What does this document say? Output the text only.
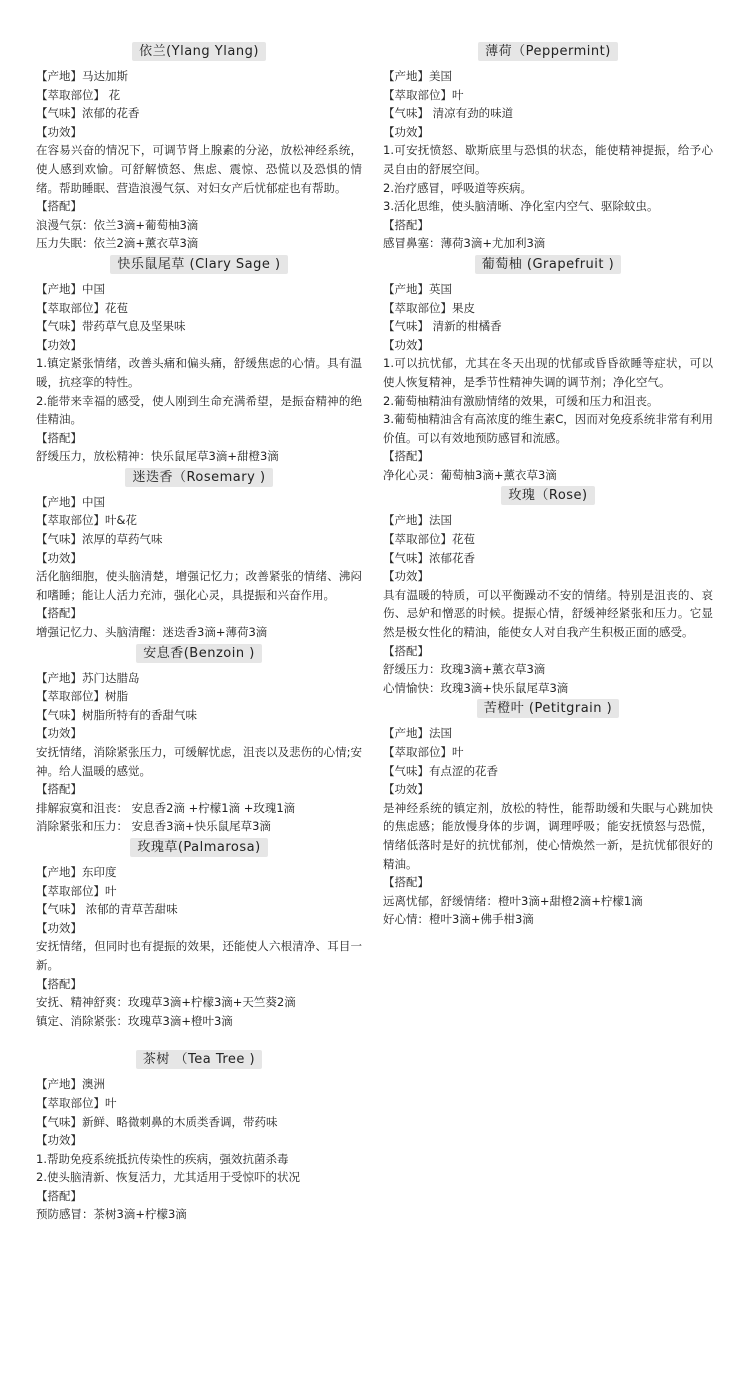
依兰(Ylang Ylang)
【产地】马达加斯
【萃取部位】 花
【气味】浓郁的花香
【功效】
在容易兴奋的情况下，可调节肾上腺素的分泌，放松神经系统，使人感到欢愉。可舒解愤怒、焦虑、震惊、恐慌以及恐惧的情绪。帮助睡眠、营造浪漫气氛、对妇女产后忧郁症也有帮助。
【搭配】
浪漫气氛：依兰3滴+葡萄柚3滴
压力失眠：依兰2滴+薰衣草3滴
快乐鼠尾草 (Clary Sage )
【产地】中国
【萃取部位】花苞
【气味】带药草气息及坚果味
【功效】
1.镇定紧张情绪，改善头痛和偏头痛，舒缓焦虑的心情。具有温暖，抗痉挛的特性。
2.能带来幸福的感受，使人刚到生命充满希望，是振奋精神的绝佳精油。
【搭配】
舒缓压力，放松精神：快乐鼠尾草3滴+甜橙3滴
迷迭香（Rosemary )
【产地】中国
【萃取部位】叶&花
【气味】浓厚的草药气味
【功效】
活化脑细胞，使头脑清楚，增强记忆力；改善紧张的情绪、沸闷和嗜睡；能让人活力充沛，强化心灵，具提振和兴奋作用。
【搭配】
增强记忆力、头脑清醒：迷迭香3滴+薄荷3滴
安息香(Benzoin )
【产地】苏门达腊岛
【萃取部位】树脂
【气味】树脂所特有的香甜气味
【功效】
安抚情绪，消除紧张压力，可缓解忧虑，沮丧以及悲伤的心情;安神。给人温暖的感觉。
【搭配】
排解寂寞和沮丧： 安息香2滴 +柠檬1滴 +玫瑰1滴
消除紧张和压力： 安息香3滴+快乐鼠尾草3滴
玫瑰草(Palmarosa)
【产地】东印度
【萃取部位】叶
【气味】 浓郁的青草苦甜味
【功效】
安抚情绪，但同时也有提振的效果，还能使人六根清净、耳目一新。
【搭配】
安抚、精神舒爽：玫瑰草3滴+柠檬3滴+天竺葵2滴
镇定、消除紧张：玫瑰草3滴+橙叶3滴
茶树 （Tea Tree )
【产地】澳洲
【萃取部位】叶
【气味】新鲜、略微刺鼻的木质类香调，带药味
【功效】
1.帮助免疫系统抵抗传染性的疾病，强效抗菌杀毒
2.使头脑清新、恢复活力，尤其适用于受惊吓的状况
【搭配】
预防感冒：茶树3滴+柠檬3滴
薄荷（Peppermint)
【产地】美国
【萃取部位】叶
【气味】 清凉有劲的味道
【功效】
1.可安抚愤怒、歇斯底里与恐惧的状态，能使精神提振，给予心灵自由的舒展空间。
2.治疗感冒，呼吸道等疾病。
3.活化思维，使头脑清晰、净化室内空气、驱除蚊虫。
【搭配】
感冒鼻塞：薄荷3滴+尤加利3滴
葡萄柚 (Grapefruit )
【产地】英国
【萃取部位】果皮
【气味】 清新的柑橘香
【功效】
1.可以抗忧郁，尤其在冬天出现的忧郁或昏昏欲睡等症状，可以使人恢复精神，是季节性精神失调的调节剂；净化空气。
2.葡萄柚精油有激励情绪的效果，可缓和压力和沮丧。
3.葡萄柚精油含有高浓度的维生素C，因而对免疫系统非常有利用价值。可以有效地预防感冒和流感。
【搭配】
净化心灵：葡萄柚3滴+薰衣草3滴
玫瑰（Rose)
【产地】法国
【萃取部位】花苞
【气味】浓郁花香
【功效】
具有温暖的特质，可以平衡躁动不安的情绪。特别是沮丧的、哀伤、忌妒和憎恶的时候。提振心情，舒缓神经紧张和压力。它显然是极女性化的精油，能使女人对自我产生积极正面的感受。
【搭配】
舒缓压力：玫瑰3滴+薰衣草3滴
心情愉快：玫瑰3滴+快乐鼠尾草3滴
苦橙叶 (Petitgrain )
【产地】法国
【萃取部位】叶
【气味】有点涩的花香
【功效】
是神经系统的镇定剂，放松的特性，能帮助缓和失眠与心跳加快的焦虑感；能放慢身体的步调，调理呼吸；能安抚愤怒与恐慌，情绪低落时是好的抗忧郁剂，使心情焕然一新，是抗忧郁很好的精油。
【搭配】
远离忧郁，舒缓情绪：橙叶3滴+甜橙2滴+柠檬1滴
好心情：橙叶3滴+佛手柑3滴
